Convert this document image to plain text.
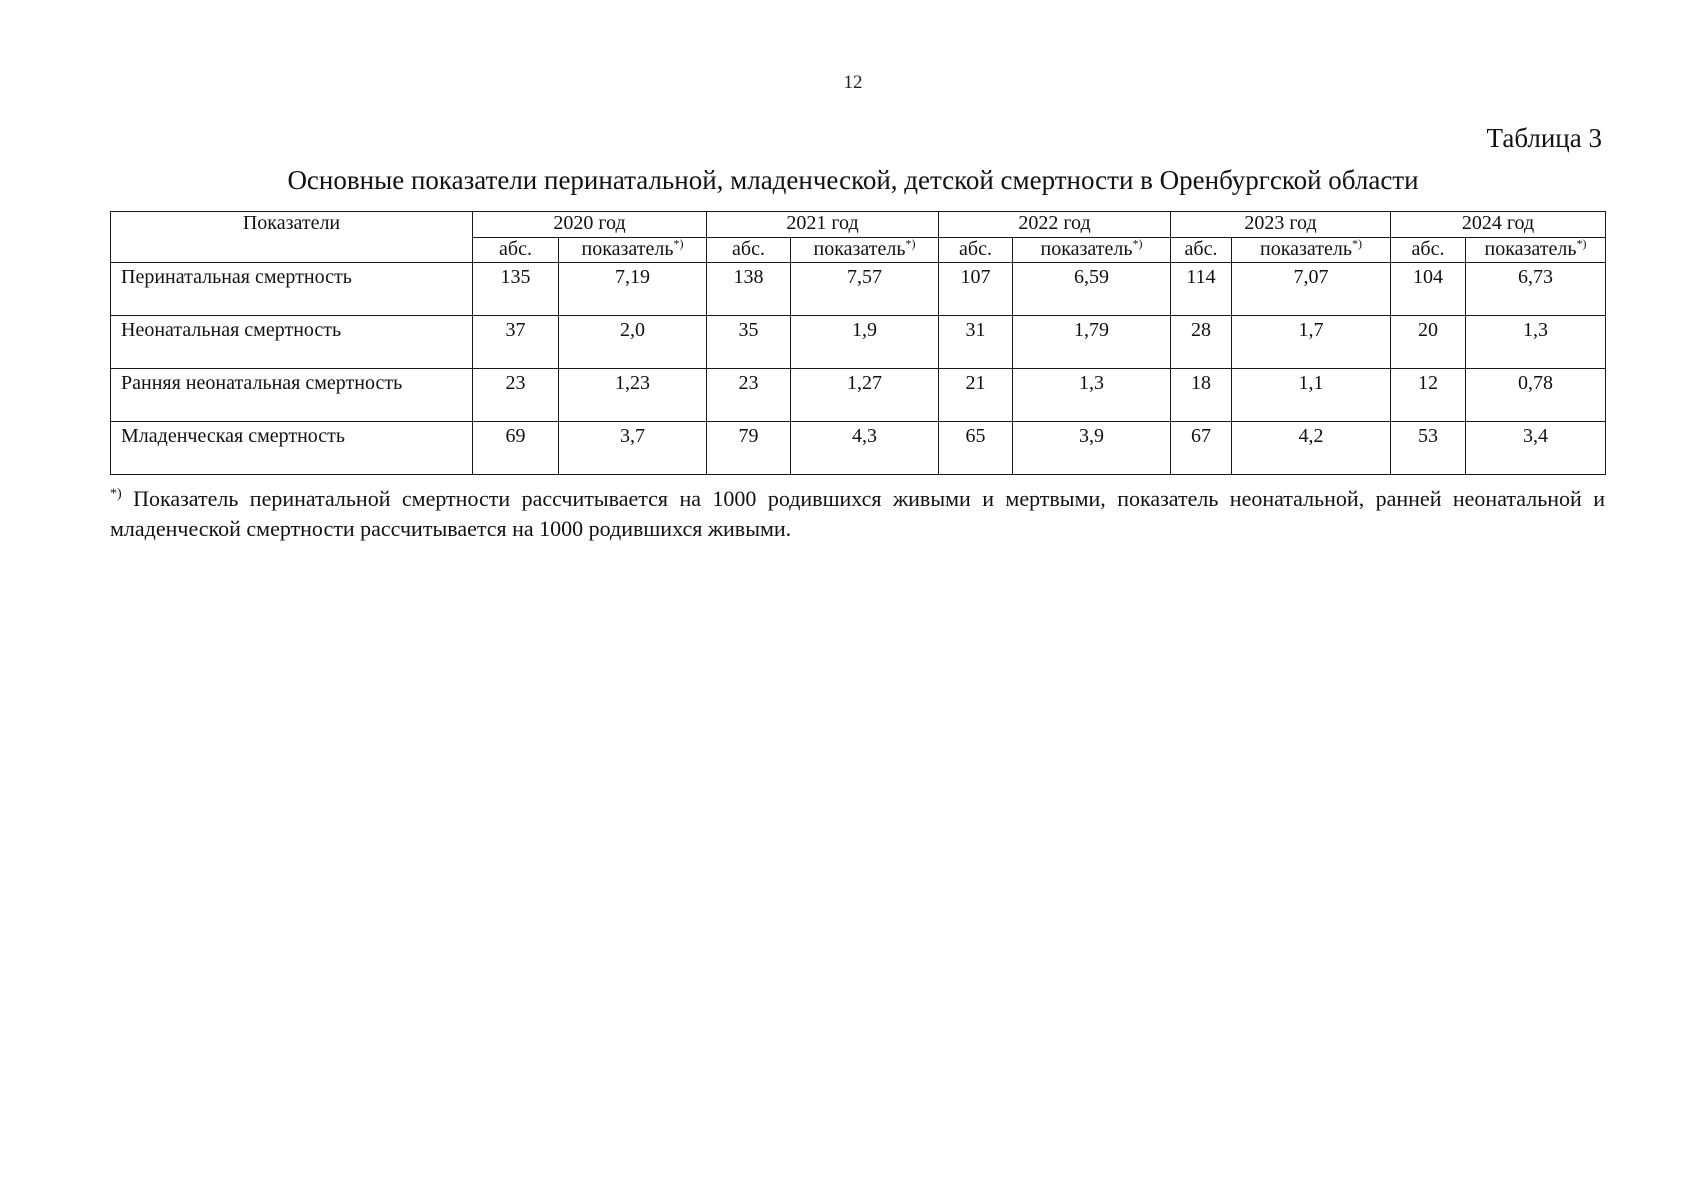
12
Таблица 3
Основные показатели перинатальной, младенческой, детской смертности в Оренбургской области
Показатели	2020 год		2021 год		2022 год		2023 год		2024 год	
	абс.	показатель*)	абс.	показатель*)	абс.	показатель*)	абс.	показатель*)	абс.	показатель*)
Перинатальная смертность	135	7,19	138	7,57	107	6,59	114	7,07	104	6,73
Неонатальная смертность	37	2,0	35	1,9	31	1,79	28	1,7	20	1,3
Ранняя неонатальная смертность	23	1,23	23	1,27	21	1,3	18	1,1	12	0,78
Младенческая смертность	69	3,7	79	4,3	65	3,9	67	4,2	53	3,4
*) Показатель перинатальной смертности рассчитывается на 1000 родившихся живыми и мертвыми, показатель неонатальной, ранней неонатальной и младенческой смертности рассчитывается на 1000 родившихся живыми.
